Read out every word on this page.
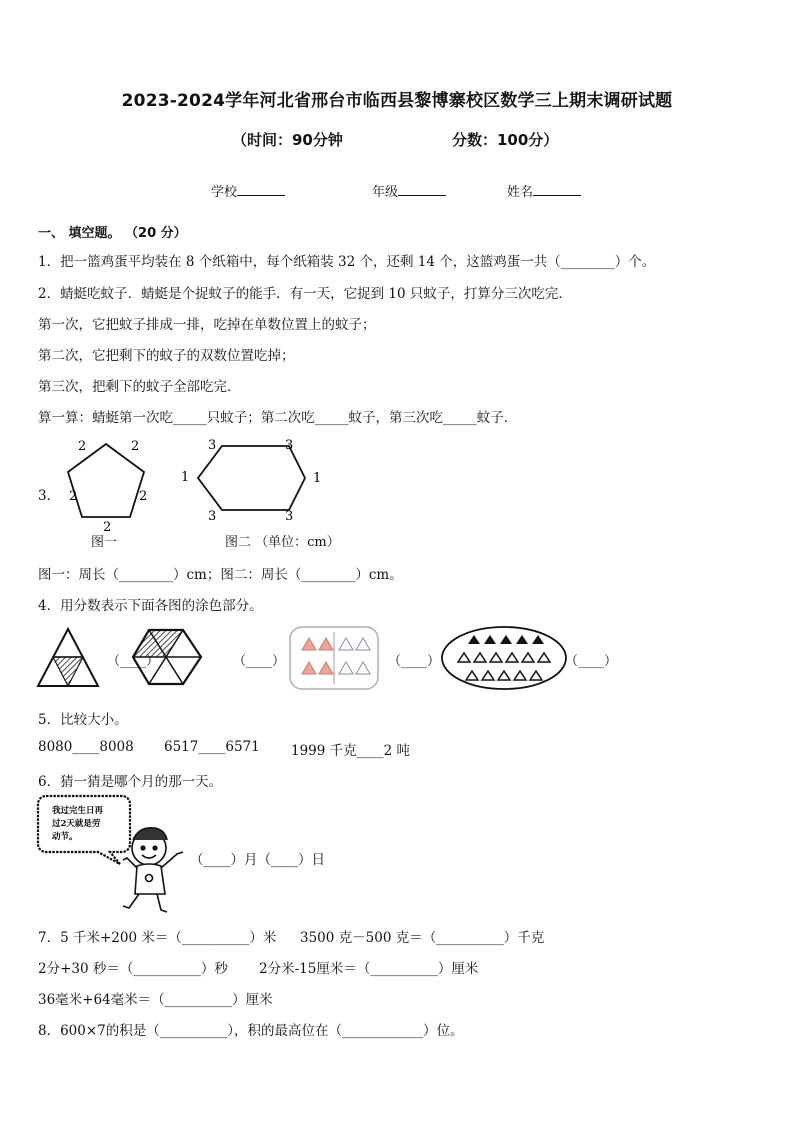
2023-2024学年河北省邢台市临西县黎博寨校区数学三上期末调研试题
（时间：90分钟	分数：100分）
学校	年级	姓名
一、 填空题。 （20 分）
1．把一篮鸡蛋平均装在 8 个纸箱中，每个纸箱装 32 个，还剩 14 个，这篮鸡蛋一共（________）个。
2．蜻蜓吃蚊子．蜻蜓是个捉蚊子的能手．有一天，它捉到 10 只蚊子，打算分三次吃完．
第一次，它把蚊子排成一排，吃掉在单数位置上的蚊子；
第二次，它把剩下的蚊子的双数位置吃掉；
第三次，把剩下的蚊子全部吃完．
算一算：蜻蜓第一次吃_____只蚊子；第二次吃_____蚊子，第三次吃_____蚊子．
3．
2	2
2	2
2
3	3
1	1
3	3
图一	图二 （单位：cm）
图一：周长（________）cm；图二：周长（________）cm。
4．用分数表示下面各图的涂色部分。
（____）	（____）	（____）	（____）
5．比较大小。
8080____8008 6517____6571 1999 千克____2 吨
6．猜一猜是哪个月的那一天。
我过完生日再
过2天就是劳
动节。
（____）月（____）日
7．5 千米+200 米＝（__________）米 3500 克－500 克＝（__________）千克
2分+30 秒＝（__________）秒 2分米-15厘米＝（__________）厘米
36毫米+64毫米＝（__________）厘米
8．600×7的积是（__________），积的最高位在（____________）位。
